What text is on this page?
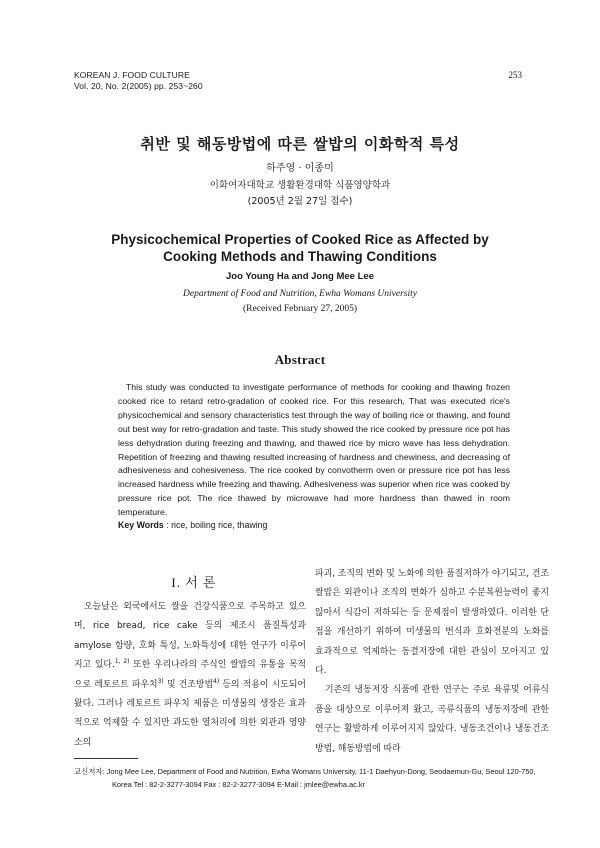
KOREAN J. FOOD CULTURE
Vol. 20, No. 2(2005) pp. 253~260
253
취반 및 해동방법에 따른 쌀밥의 이화학적 특성
하주영 · 이종미
이화여자대학교 생활환경대학 식품영양학과
(2005년 2월 27일 접수)
Physicochemical Properties of Cooked Rice as Affected by Cooking Methods and Thawing Conditions
Joo Young Ha and Jong Mee Lee
Department of Food and Nutrition, Ewha Womans University
(Received February 27, 2005)
Abstract
This study was conducted to investigate performance of methods for cooking and thawing frozen cooked rice to retard retro-gradation of cooked rice. For this research, That was executed rice's physicochemical and sensory characteristics test through the way of boiling rice or thawing, and found out best way for retro-gradation and taste. This study showed the rice cooked by pressure rice pot has less dehydration during freezing and thawing, and thawed rice by micro wave has less dehydration. Repetition of freezing and thawing resulted increasing of hardness and chewiness, and decreasing of adhesiveness and cohesiveness. The rice cooked by convotherm oven or pressure rice pot has less increased hardness while freezing and thawing. Adhesiveness was superior when rice was cooked by pressure rice pot. The rice thawed by microwave had more hardness than thawed in room temperature.
Key Words : rice, boiling rice, thawing
I. 서 론

오늘날은 외국에서도 쌀을 건강식품으로 주목하고 있으며, rice bread, rice cake 등의 제조시 품질특성과 amylose 함량, 호화 특성, 노화특성에 대한 연구가 이루어지고 있다.$^{1, 2)}$ 또한 우리나라의 주식인 쌀밥의 유통을 목적으로 레토르트 파우치$^{3)}$ 및 건조방법$^{4)}$ 등의 적용이 시도되어 왔다. 그러나 레토르트 파우치 제품은 미생물의 생장은 효과적으로 억제할 수 있지만 과도한 열처리에 의한 외관과 영양소의

파괴, 조직의 변화 및 노화에 의한 품질저하가 야기되고, 건조 쌀밥은 외관이나 조직의 변화가 심하고 수분복원능력이 좋지 않아서 식감이 저하되는 등 문제점이 발생하였다. 이러한 단점을 개선하기 위하여 미생물의 번식과 호화전분의 노화를 효과적으로 억제하는 동결저장에 대한 관심이 모아지고 있다.

기존의 냉동저장 식품에 관한 연구는 주로 육류및 어류식품을 대상으로 이루어져 왔고, 곡류식품의 냉동저장에 관한 연구는 활발하게 이루어지지 않았다. 냉동조건이나 냉동건조 방법, 해동방법에 따라

교신저자: Jong Mee Lee, Department of Food and Nutrition, Ewha Womans University, 11-1 Daehyun-Dong, Seodaemun-Gu, Seoul 120-750,
Korea Tel : 82-2-3277-3094 Fax : 82-2-3277-3094 E-Mail : jmlee@ewha.ac.kr
